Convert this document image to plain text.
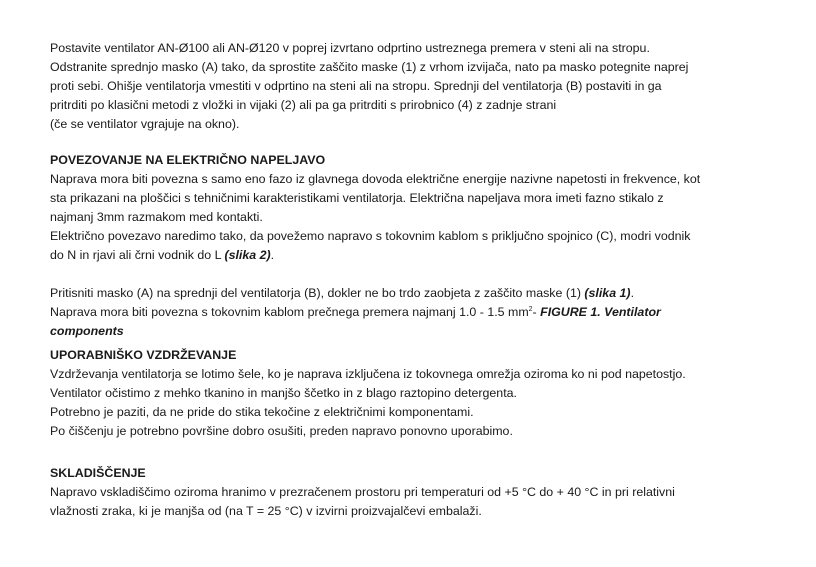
Postavite ventilator AN-Ø100 ali AN-Ø120 v poprej izvrtano odprtino ustreznega premera v steni ali na stropu.
Odstranite sprednjo masko (A) tako, da sprostite zaščito maske (1) z vrhom izvijača, nato pa masko potegnite naprej
proti sebi. Ohišje ventilatorja vmestiti v odprtino na steni ali na stropu. Sprednji del ventilatorja (B) postaviti in ga
pritrditi po klasični metodi z vložki in vijaki (2) ali pa ga pritrditi s prirobnico (4) z zadnje strani
(če se ventilator vgrajuje na okno).
POVEZOVANJE NA ELEKTRIČNO NAPELJAVO
Naprava mora biti povezna s samo eno fazo iz glavnega dovoda električne energije nazivne napetosti in frekvence, kot
sta prikazani na ploščici s tehničnimi karakteristikami ventilatorja. Električna napeljava mora imeti fazno stikalo z
najmanj 3mm razmakom med kontakti.
Električno povezavo naredimo tako, da povežemo napravo s tokovnim kablom s priključno spojnico (C), modri vodnik
do N in rjavi ali črni vodnik do L (slika 2).
Pritisniti masko (A) na sprednji del ventilatorja (B), dokler ne bo trdo zaobjeta z zaščito maske (1) (slika 1).
Naprava mora biti povezna s tokovnim kablom prečnega premera najmanj 1.0 - 1.5 $mm^2-$ FIGURE 1. Ventilator
components
UPORABNIŠKO VZDRŽEVANJE
Vzdrževanja ventilatorja se lotimo šele, ko je naprava izključena iz tokovnega omrežja oziroma ko ni pod napetostjo.
Ventilator očistimo z mehko tkanino in manjšo ščetko in z blago raztopino detergenta.
Potrebno je paziti, da ne pride do stika tekočine z električnimi komponentami.
Po čiščenju je potrebno površine dobro osušiti, preden napravo ponovno uporabimo.
SKLADIŠČENJE
Napravo vskladiščimo oziroma hranimo v prezračenem prostoru pri temperaturi od +5 °C do + 40 °C in pri relativni
vlažnosti zraka, ki je manjša od (na T = 25 °C) v izvirni proizvajalčevi embalaži.
